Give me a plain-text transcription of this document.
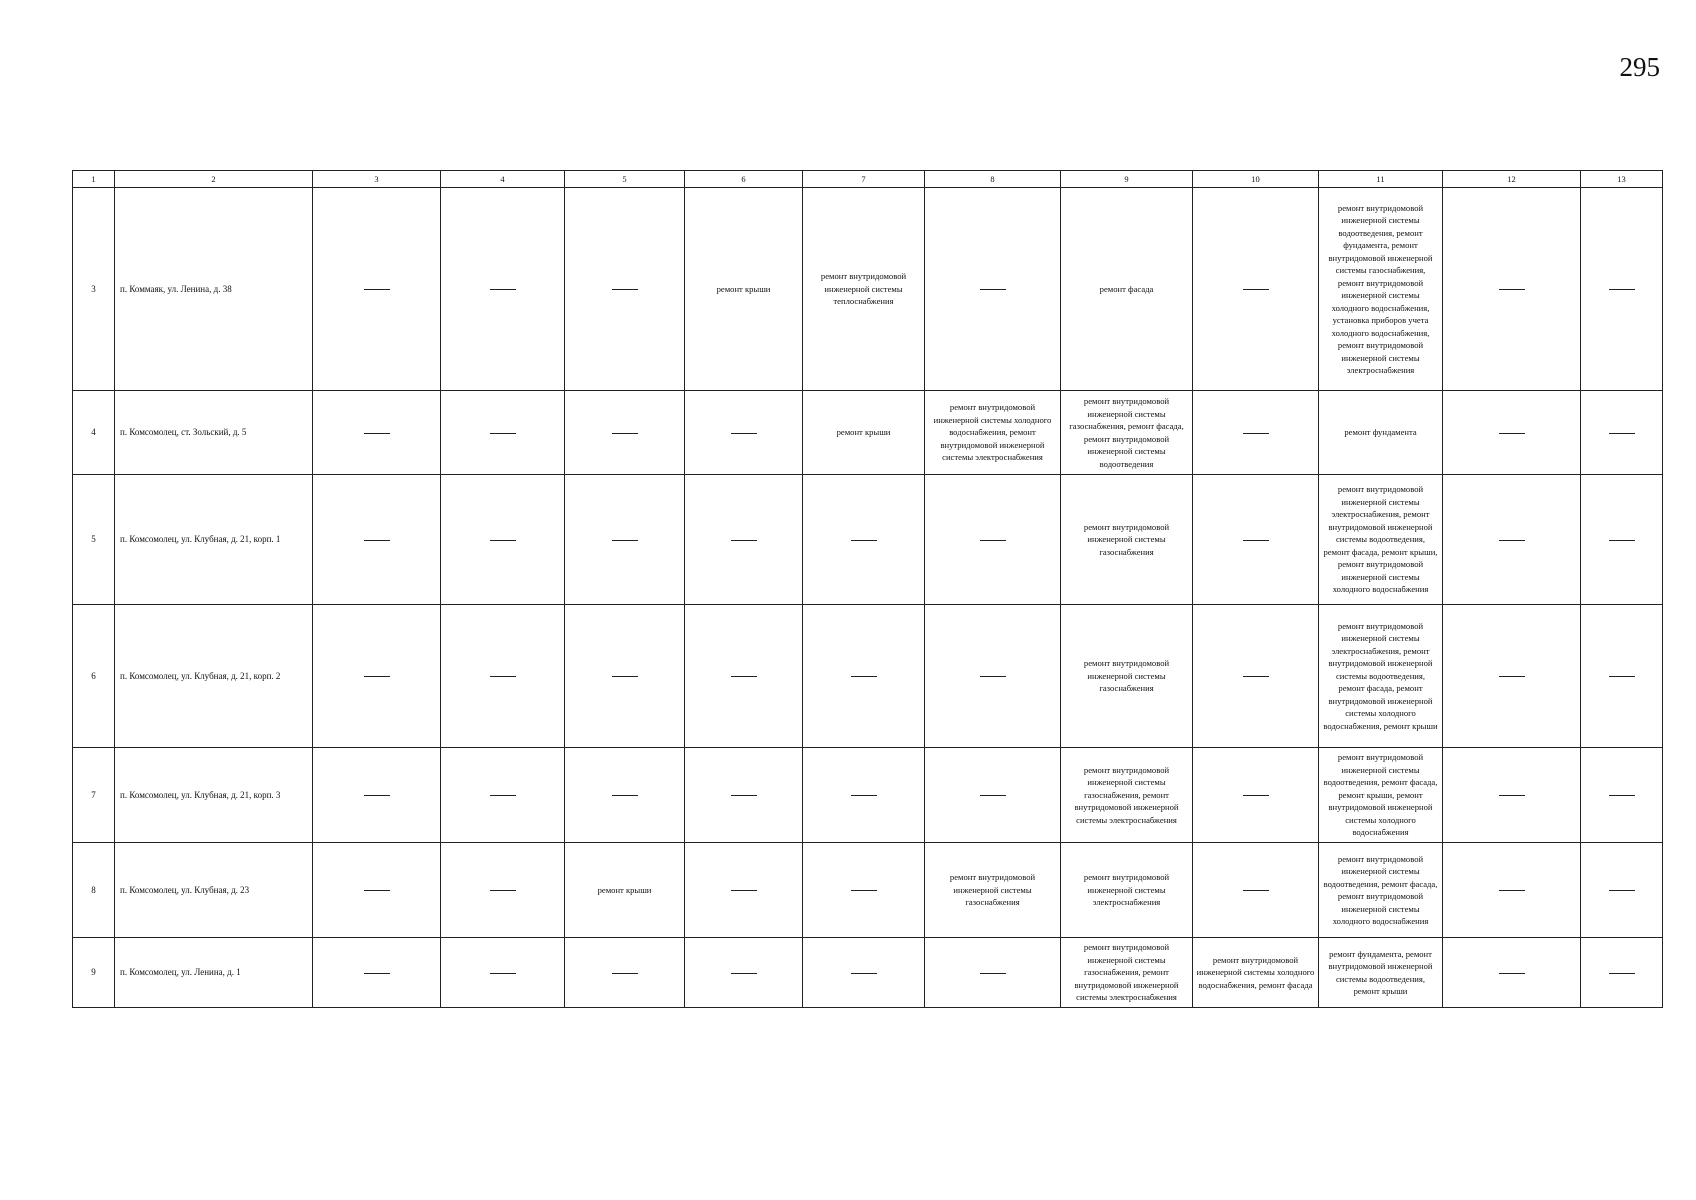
295
1	2	3	4	5	6	7	8	9	10	11	12	13
3	п. Коммаяк, ул. Ленина, д. 38				ремонт крыши	ремонт внутридомовой инженерной системы теплоснабжения		ремонт фасада		ремонт внутридомовой инженерной системы водоотведения, ремонт фундамента, ремонт внутридомовой инженерной системы газоснабжения, ремонт внутридомовой инженерной системы холодного водоснабжения, установка приборов учета холодного водоснабжения, ремонт внутридомовой инженерной системы электроснабжения		
4	п. Комсомолец, ст. Зольский, д. 5					ремонт крыши	ремонт внутридомовой инженерной системы холодного водоснабжения, ремонт внутридомовой инженерной системы электроснабжения	ремонт внутридомовой инженерной системы газоснабжения, ремонт фасада, ремонт внутридомовой инженерной системы водоотведения		ремонт фундамента		
5	п. Комсомолец, ул. Клубная, д. 21, корп. 1							ремонт внутридомовой инженерной системы газоснабжения		ремонт внутридомовой инженерной системы электроснабжения, ремонт внутридомовой инженерной системы водоотведения, ремонт фасада, ремонт крыши, ремонт внутридомовой инженерной системы холодного водоснабжения		
6	п. Комсомолец, ул. Клубная, д. 21, корп. 2							ремонт внутридомовой инженерной системы газоснабжения		ремонт внутридомовой инженерной системы электроснабжения, ремонт внутридомовой инженерной системы водоотведения, ремонт фасада, ремонт внутридомовой инженерной системы холодного водоснабжения, ремонт крыши		
7	п. Комсомолец, ул. Клубная, д. 21, корп. 3							ремонт внутридомовой инженерной системы газоснабжения, ремонт внутридомовой инженерной системы электроснабжения		ремонт внутридомовой инженерной системы водоотведения, ремонт фасада, ремонт крыши, ремонт внутридомовой инженерной системы холодного водоснабжения		
8	п. Комсомолец, ул. Клубная, д. 23			ремонт крыши			ремонт внутридомовой инженерной системы газоснабжения	ремонт внутридомовой инженерной системы электроснабжения		ремонт внутридомовой инженерной системы водоотведения, ремонт фасада, ремонт внутридомовой инженерной системы холодного водоснабжения		
9	п. Комсомолец, ул. Ленина, д. 1							ремонт внутридомовой инженерной системы газоснабжения, ремонт внутридомовой инженерной системы электроснабжения	ремонт внутридомовой инженерной системы холодного водоснабжения, ремонт фасада	ремонт фундамента, ремонт внутридомовой инженерной системы водоотведения, ремонт крыши		
